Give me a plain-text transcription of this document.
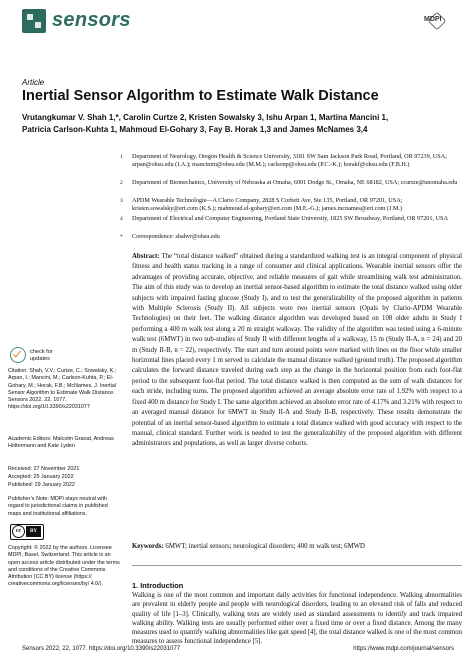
sensors	MDPI
Article
Inertial Sensor Algorithm to Estimate Walk Distance
Vrutangkumar V. Shah 1,*, Carolin Curtze 2, Kristen Sowalsky 3, Ishu Arpan 1, Martina Mancini 1,
Patricia Carlson-Kuhta 1, Mahmoud El-Gohary 3, Fay B. Horak 1,3 and James McNames 3,4
1 Department of Neurology, Oregon Health & Science University, 3181 SW Sam Jackson Park Road, Portland, OR 97239, USA; arpan@ohsu.edu (I.A.); mancinim@ohsu.edu (M.M.); carlsonp@ohsu.edu (P.C.-K.); horakf@ohsu.edu (F.B.H.)
2 Department of Biomechanics, University of Nebraska at Omaha, 6001 Dodge St., Omaha, NE 68182, USA; ccurtze@unomaha.edu
3 APDM Wearable Technologie—A Clario Company, 2828 S Corbett Ave, Ste 135, Portland, OR 97201, USA; kristen.sowalsky@ert.com (K.S.); mahmoud.el-gohary@ert.com (M.E.-G.); james.mcnames@ert.com (J.M.)
4 Department of Electrical and Computer Engineering, Portland State University, 1825 SW Broadway, Portland, OR 97201, USA
* Correspondence: shahvr@ohsu.edu
Abstract: The “total distance walked” obtained during a standardized walking test is an integral component of physical fitness and health status tracking in a range of consumer and clinical applications. Wearable inertial sensors offer the advantages of providing accurate, objective, and reliable measures of gait while streamlining walk test administration. The aim of this study was to develop an inertial sensor-based algorithm to estimate the total distance walked using older subjects with impaired fasting glucose (Study I), and to test the generalizability of the proposed algorithm in patients with Multiple Sclerosis (Study II). All subjects wore two inertial sensors (Opals by Clario-APDM Wearable Technologies) on their feet. The walking distance algorithm was developed based on 108 older adults in Study I performing a 400 m walk test along a 20 m straight walkway. The validity of the algorithm was tested using a 6-minute walk test (6MWT) in two sub-studies of Study II with different lengths of a walkway, 15 m (Study II-A, n = 24) and 20 m (Study II-B, n = 22), respectively. The start and turn around points were marked with lines on the floor while smaller horizontal lines placed every 1 m served to calculate the manual distance walked (ground truth). The proposed algorithm calculates the forward distance traveled during each step as the change in the horizontal position from each foot-flat period to the subsequent foot-flat period. The total distance walked is then computed as the sum of walk distances for each stride, including turns. The proposed algorithm achieved an average absolute error rate of 1.92% with respect to a fixed 400 m distance for Study I. The same algorithm achieved an absolute error rate of 4.17% and 3.21% with respect to an averaged manual distance for 6MWT in Study II-A and Study II-B, respectively. These results demonstrate the potential of an inertial sensor-based algorithm to estimate a total distance walked with good accuracy with respect to the manual, clinical standard. Further work is needed to test the generalizability of the proposed algorithm with different administrators and populations, as well as larger diverse cohorts.
Keywords: 6MWT; inertial sensors; neurological disorders; 400 m walk test; 6MWD
1. Introduction
Walking is one of the most common and important daily activities for functional independence. Walking abnormalities are prevalent in elderly people and people with neurological disorders, leading to an elevated risk of falls and reduced quality of life [1–3]. Clinically, walking tests are widely used as standard assessments to identify and track impaired walking ability. Walking tests are usually performed either over a fixed time or over a fixed distance. Among the many measures used to quantify walking abnormalities like gait speed [4], the total distance walked is one of the most common measures to assess functional independence [5].
check for updates
Citation: Shah, V.V.; Curtze, C.; Sowalsky, K.; Arpan, I.; Mancini, M.; Carlson-Kuhta, P.; El-Gohary, M.; Horak, F.B.; McNames, J. Inertial Sensor Algorithm to Estimate Walk Distance. Sensors 2022, 22, 1077. https://doi.org/10.3390/s22031077
Academic Editors: Malcolm Granat, Andreas Holtermann and Kate Lyden
Received: 27 November 2021
Accepted: 25 January 2022
Published: 29 January 2022
Publisher’s Note: MDPI stays neutral with regard to jurisdictional claims in published maps and institutional affiliations.
cc	BY
Copyright: © 2022 by the authors. Licensee MDPI, Basel, Switzerland. This article is an open access article distributed under the terms and conditions of the Creative Commons Attribution (CC BY) license (https:// creativecommons.org/licenses/by/ 4.0/).
Sensors 2022, 22, 1077. https://doi.org/10.3390/s22031077	https://www.mdpi.com/journal/sensors
